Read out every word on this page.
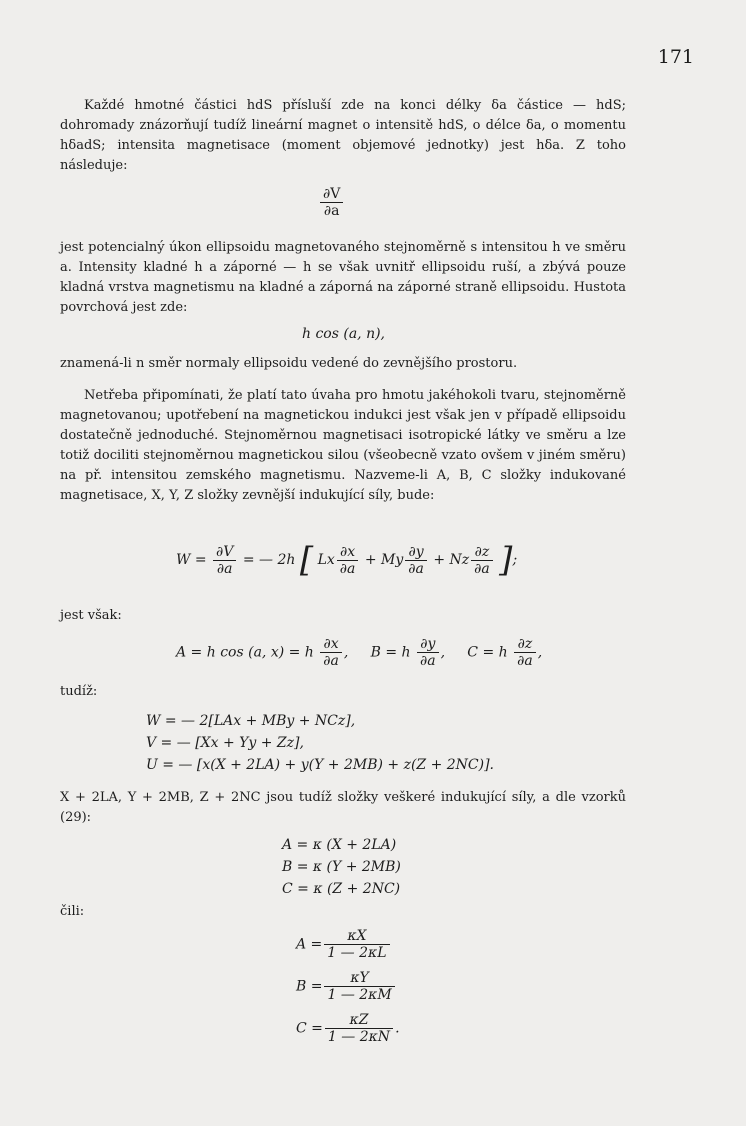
171

Každé hmotné částici hdS přísluší zde na konci délky δa částice — hdS; dohromady znázorňují tudíž lineární magnet o intensitě hdS, o délce δa, o momentu hδadS; intensita magnetisace (moment objemové jednotky) jest hδa. Z toho následuje:

$\frac{\partial V}{\partial a}$

jest potencialný úkon ellipsoidu magnetovaného stejnoměrně s intensitou h ve směru a. Intensity kladné h a záporné — h se však uvnitř ellipsoidu ruší, a zbývá pouze kladná vrstva magnetismu na kladné a záporná na záporné straně ellipsoidu. Hustota povrchová jest zde:

h cos (a, n),

znamená-li n směr normaly ellipsoidu vedené do zevnějšího prostoru.

Netřeba připomínati, že platí tato úvaha pro hmotu jakéhokoli tvaru, stejnoměrně magnetovanou; upotřebení na magnetickou indukci jest však jen v případě ellipsoidu dostatečně jednoduché. Stejnoměrnou magnetisaci isotropické látky ve směru a lze totiž dociliti stejnoměrnou magnetickou silou (všeobecně vzato ovšem v jiném směru) na př. intensitou zemského magnetismu. Nazveme-li A, B, C složky indukované magnetisace, X, Y, Z složky zevnější indukující síly, bude:

$W = \frac{\partial V}{\partial a}$ = — 2h [ Lx $\frac{\partial x}{\partial a} + My \frac{\partial y}{\partial a} + Nz \frac{\partial z}{\partial a}$ ];
jest však:
A = h cos (a, x) = h $\frac{\partial x}{\partial a}$ , B = h $\frac{\partial y}{\partial a}$ , C = h $\frac{\partial z}{\partial a}$ ,
tudíž:
W = — 2[LAx + MBy + NCz],
V = — [Xx + Yy + Zz],
U = — [x(X + 2LA) + y(Y + 2MB) + z(Z + 2NC)].

X + 2LA, Y + 2MB, Z + 2NC jsou tudíž složky veškeré indukující síly, a dle vzorků (29):

A = κ (X + 2LA)
B = κ (Y + 2MB)
C = κ (Z + 2NC)
čili:
$A = \frac{\kappa X}{1 — 2\kappa L}$
$B = \frac{\kappa Y}{1 — 2\kappa M}$
$C = \frac{\kappa Z}{1 — 2\kappa N}$ .
